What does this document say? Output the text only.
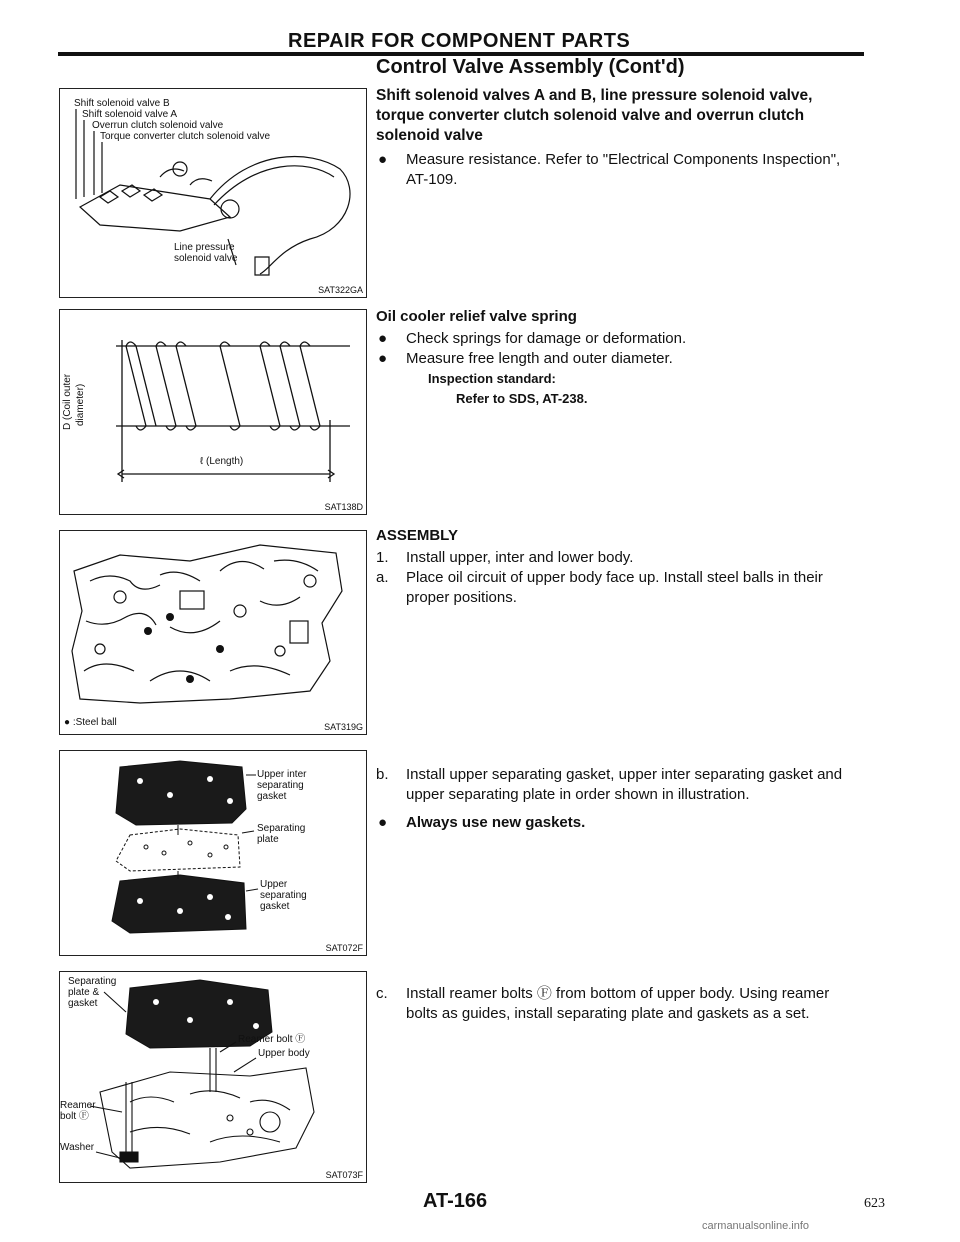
REPAIR FOR COMPONENT PARTS
Control Valve Assembly (Cont'd)
Shift solenoid valve B
Shift solenoid valve A
Overrun clutch solenoid valve
Torque converter clutch solenoid valve
Line pressure
solenoid valve
SAT322GA
D (Coil outer diameter)
ℓ (Length)
SAT138D
● :Steel ball	SAT319G
Upper inter
separating
gasket
Separating
plate
Upper
separating
gasket
SAT072F
Separating
plate &
gasket
Reamer bolt Ⓕ
Upper body
Reamer
bolt Ⓕ
Washer
SAT073F
Shift solenoid valves A and B, line pressure solenoid valve, torque converter clutch solenoid valve and overrun clutch solenoid valve
● Measure resistance. Refer to "Electrical Components Inspection", AT-109.
Oil cooler relief valve spring
● Check springs for damage or deformation.
● Measure free length and outer diameter.
Inspection standard:
Refer to SDS, AT-238.
ASSEMBLY
1. Install upper, inter and lower body.
a. Place oil circuit of upper body face up. Install steel balls in their proper positions.
b. Install upper separating gasket, upper inter separating gasket and upper separating plate in order shown in illustration.
● Always use new gaskets.
c. Install reamer bolts Ⓕ from bottom of upper body. Using reamer bolts as guides, install separating plate and gaskets as a set.
AT-166	623
carmanualsonline.info
